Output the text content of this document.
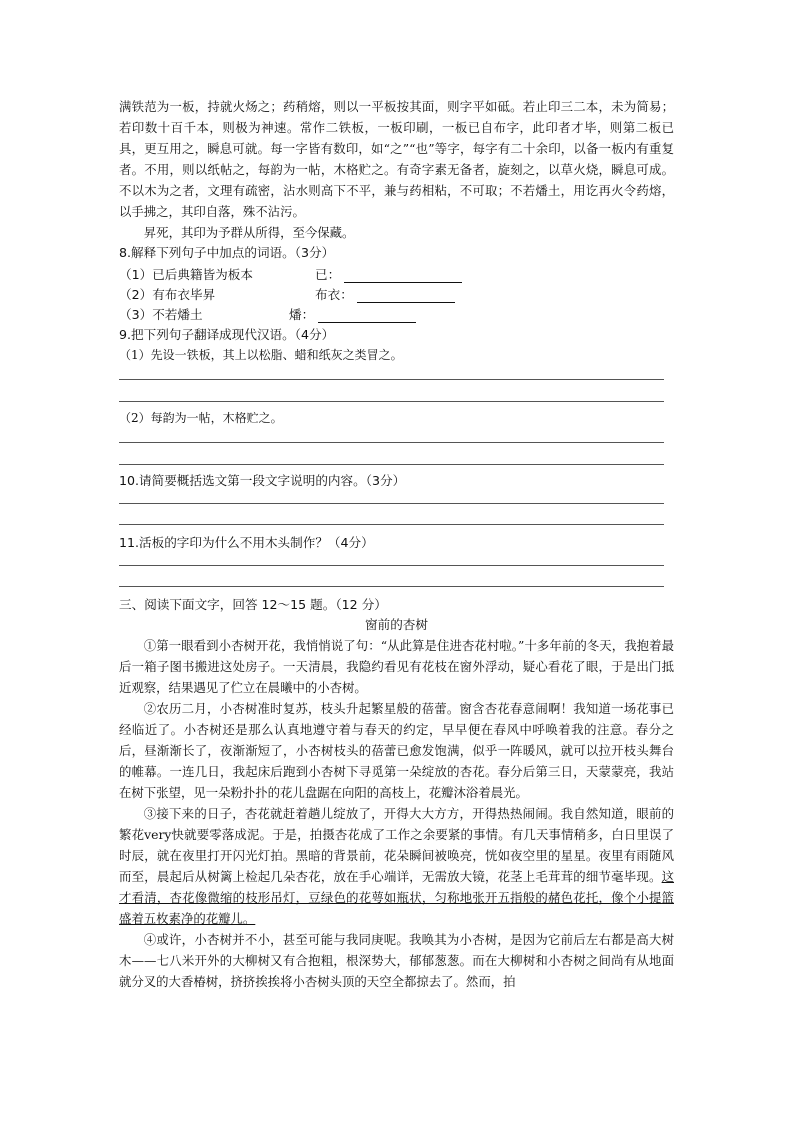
满铁范为一板，持就火炀之；药稍熔，则以一平板按其面，则字平如砥。若止印三二本，未为简易；若印数十百千本，则极为神速。常作二铁板，一板印刷，一板已自布字，此印者才毕，则第二板已具，更互用之，瞬息可就。每一字皆有数印，如“之”“也”等字，每字有二十余印，以备一板内有重复者。不用，则以纸帖之，每韵为一帖，木格贮之。有奇字素无备者，旋刻之，以草火烧，瞬息可成。不以木为之者，文理有疏密，沾水则高下不平，兼与药相粘，不可取；不若燔土，用讫再火令药熔，以手拂之，其印自落，殊不沾污。

昇死，其印为予群从所得，至今保藏。

8.解释下列句子中加点的词语。（3分）

（1）已后典籍皆为板本	已：
（2）有布衣毕昇	布衣：
（3）不若燔土	燔：

9.把下列句子翻译成现代汉语。（4分）

（1）先设一铁板，其上以松脂、蜡和纸灰之类冒之。

（2）每韵为一帖，木格贮之。

10.请简要概括选文第一段文字说明的内容。（3分）

11.活板的字印为什么不用木头制作？（4分）

三、阅读下面文字，回答 12～15 题。（12 分）

窗前的杏树

①第一眼看到小杏树开花，我悄悄说了句：“从此算是住进杏花村啦。”十多年前的冬天，我抱着最后一箱子图书搬进这处房子。一天清晨，我隐约看见有花枝在窗外浮动，疑心看花了眼，于是出门抵近观察，结果遇见了伫立在晨曦中的小杏树。

②农历二月，小杏树准时复苏，枝头升起繁星般的蓓蕾。窗含杏花春意闹啊！我知道一场花事已经临近了。小杏树还是那么认真地遵守着与春天的约定，早早便在春风中呼唤着我的注意。春分之后，昼渐渐长了，夜渐渐短了，小杏树枝头的蓓蕾已愈发饱满，似乎一阵暖风，就可以拉开枝头舞台的帷幕。一连几日，我起床后跑到小杏树下寻觅第一朵绽放的杏花。春分后第三日，天蒙蒙亮，我站在树下张望，见一朵粉扑扑的花儿盘踞在向阳的高枝上，花瓣沐浴着晨光。

③接下来的日子，杏花就赶着趟儿绽放了，开得大大方方，开得热热闹闹。我自然知道，眼前的繁花very快就要零落成泥。于是，拍摄杏花成了工作之余要紧的事情。有几天事情稍多，白日里误了时辰，就在夜里打开闪光灯拍。黑暗的背景前，花朵瞬间被唤亮，恍如夜空里的星星。夜里有雨随风而至，晨起后从树篱上检起几朵杏花，放在手心端详，无需放大镜，花茎上毛茸茸的细节毫毕现。这才看清，杏花像微缩的枝形吊灯，豆绿色的花萼如瓶状，匀称地张开五指般的赭色花托，像个小提篮盛着五枚素净的花瓣儿。

④或许，小杏树并不小，甚至可能与我同庚呢。我唤其为小杏树，是因为它前后左右都是高大树木——七八米开外的大柳树又有合抱粗，根深势大，郁郁葱葱。而在大柳树和小杏树之间尚有从地面就分叉的大香椿树，挤挤挨挨将小杏树头顶的天空全都掠去了。然而，拍
